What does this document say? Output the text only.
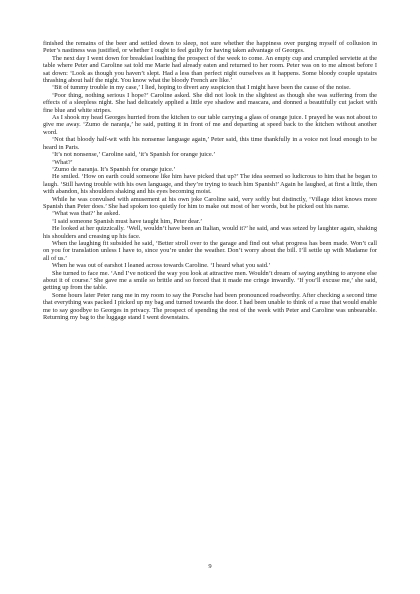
finished the remains of the beer and settled down to sleep, not sure whether the happiness over purging myself of collusion in Peter’s nastiness was justified, or whether I ought to feel guilty for having taken advantage of Georges.

The next day I went down for breakfast loathing the prospect of the week to come. An empty cup and crumpled serviette at the table where Peter and Caroline sat told me Marie had already eaten and returned to her room. Peter was on to me almost before I sat down: ‘Look as though you haven’t slept. Had a less than perfect night ourselves as it happens. Some bloody couple upstairs thrashing about half the night. You know what the bloody French are like.’

‘Bit of tummy trouble in my case,’ I lied, hoping to divert any suspicion that I might have been the cause of the noise.

‘Poor thing, nothing serious I hope?’ Caroline asked. She did not look in the slightest as though she was suffering from the effects of a sleepless night. She had delicately applied a little eye shadow and mascara, and donned a beautifully cut jacket with fine blue and white stripes.

As I shook my head Georges hurried from the kitchen to our table carrying a glass of orange juice. I prayed he was not about to give me away. ‘Zumo de naranja,’ he said, putting it in front of me and departing at speed back to the kitchen without another word.

‘Not that bloody half-wit with his nonsense language again,’ Peter said, this time thankfully in a voice not loud enough to be heard in Paris.

‘It’s not nonsense,’ Caroline said, ‘it’s Spanish for orange juice.’

‘What?’

‘Zumo de naranja. It’s Spanish for orange juice.’

He smiled. ‘How on earth could someone like him have picked that up?’ The idea seemed so ludicrous to him that he began to laugh. ‘Still having trouble with his own language, and they’re trying to teach him Spanish!’ Again he laughed, at first a little, then with abandon, his shoulders shaking and his eyes becoming moist.

While he was convulsed with amusement at his own joke Caroline said, very softly but distinctly, ‘Village idiot knows more Spanish than Peter does.’ She had spoken too quietly for him to make out most of her words, but he picked out his name.

‘What was that?’ he asked.

‘I said someone Spanish must have taught him, Peter dear.’

He looked at her quizzically. ‘Well, wouldn’t have been an Italian, would it?’ he said, and was seized by laughter again, shaking his shoulders and creasing up his face.

When the laughing fit subsided he said, ‘Better stroll over to the garage and find out what progress has been made. Won’t call on you for translation unless I have to, since you’re under the weather. Don’t worry about the bill. I’ll settle up with Madame for all of us.’

When he was out of earshot I leaned across towards Caroline. ‘I heard what you said.’

She turned to face me. ‘And I’ve noticed the way you look at attractive men. Wouldn’t dream of saying anything to anyone else about it of course.’ She gave me a smile so brittle and so forced that it made me cringe inwardly. ‘If you’ll excuse me,’ she said, getting up from the table.

Some hours later Peter rang me in my room to say the Porsche had been pronounced roadworthy. After checking a second time that everything was packed I picked up my bag and turned towards the door. I had been unable to think of a ruse that would enable me to say goodbye to Georges in privacy. The prospect of spending the rest of the week with Peter and Caroline was unbearable. Returning my bag to the luggage stand I went downstairs.

9
